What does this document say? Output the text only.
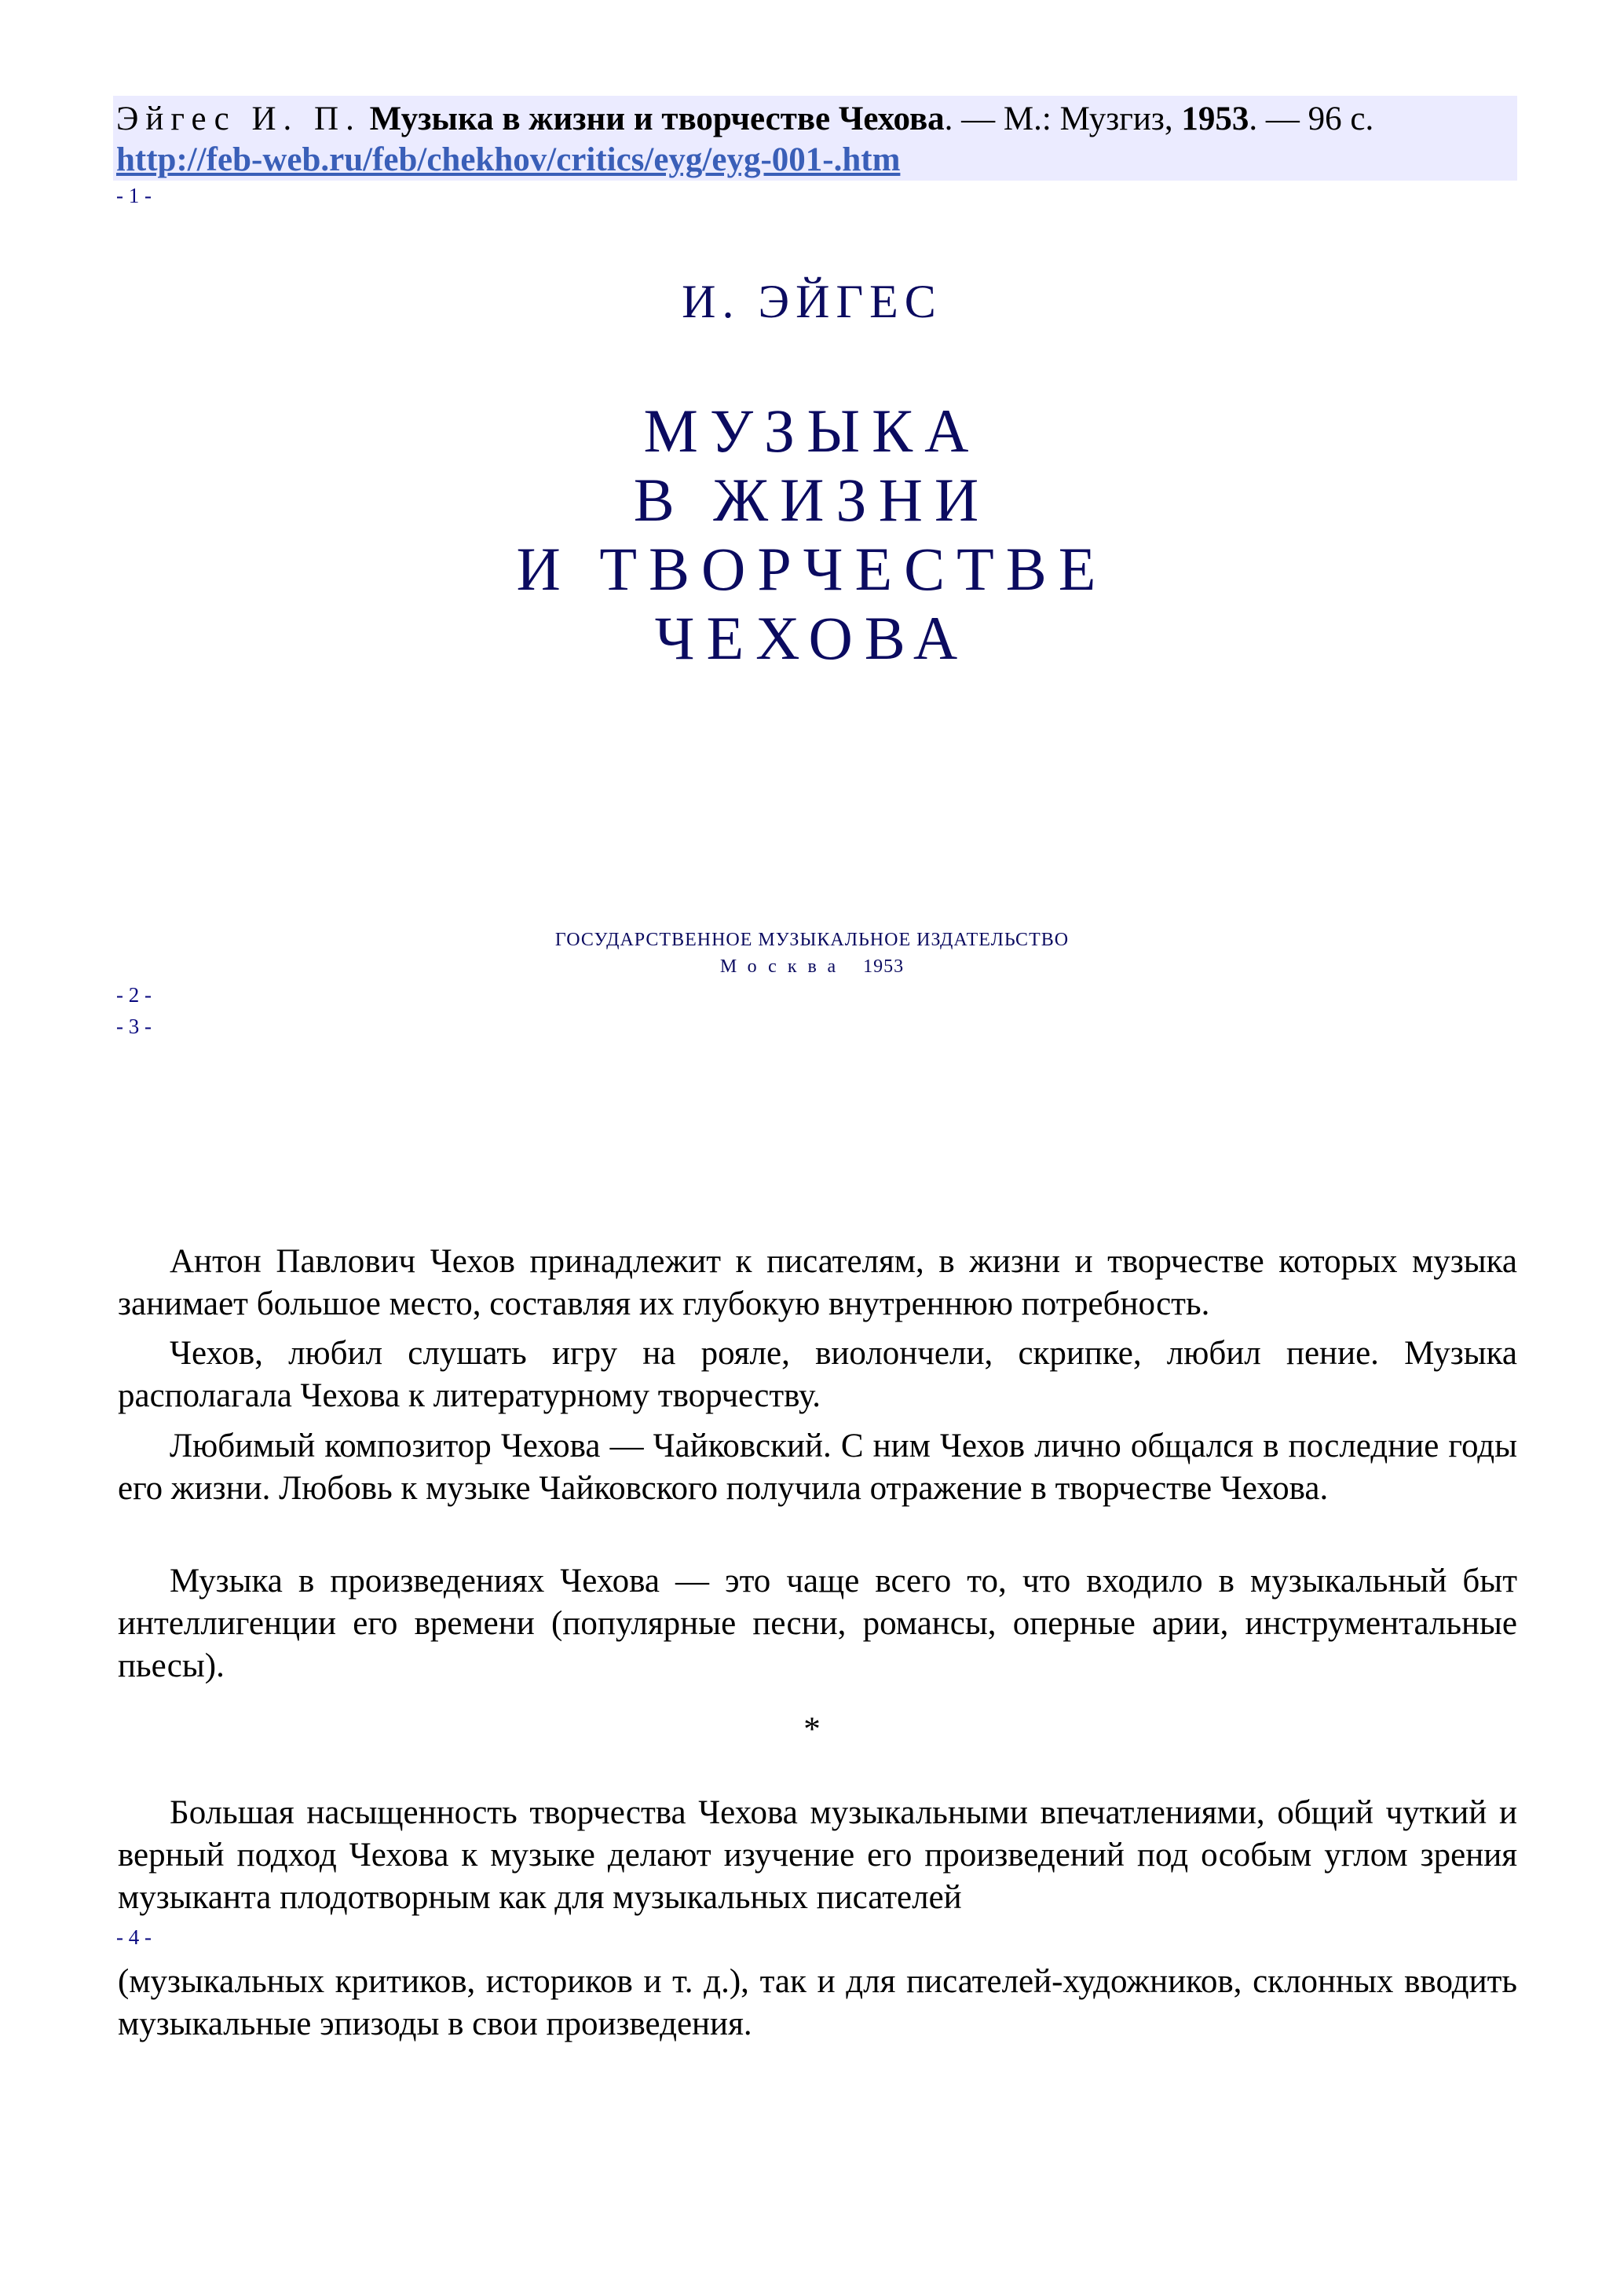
Эйгес И. П. Музыка в жизни и творчестве Чехова. — М.: Музгиз, 1953. — 96 с.
http://feb-web.ru/feb/chekhov/critics/eyg/eyg-001-.htm
- 1 -
И. ЭЙГЕС
МУЗЫКА
В ЖИЗНИ
И ТВОРЧЕСТВЕ
ЧЕХОВА
ГОСУДАРСТВЕННОЕ МУЗЫКАЛЬНОЕ ИЗДАТЕЛЬСТВО
Москва 1953
- 2 -
- 3 -

Антон Павлович Чехов принадлежит к писателям, в жизни и творчестве которых музыка занимает большое место, составляя их глубокую внутреннюю потребность.

Чехов, любил слушать игру на рояле, виолончели, скрипке, любил пение. Музыка располагала Чехова к литературному творчеству.

Любимый композитор Чехова — Чайковский. С ним Чехов лично общался в последние годы его жизни. Любовь к музыке Чайковского получила отражение в творчестве Чехова.

Музыка в произведениях Чехова — это чаще всего то, что входило в музыкальный быт интеллигенции его времени (популярные песни, романсы, оперные арии, инструментальные пьесы).

*

Большая насыщенность творчества Чехова музыкальными впечатлениями, общий чуткий и верный подход Чехова к музыке делают изучение его произведений под особым углом зрения музыканта плодотворным как для музыкальных писателей

- 4 -

(музыкальных критиков, историков и т. д.), так и для писателей-художников, склонных вводить музыкальные эпизоды в свои произведения.
